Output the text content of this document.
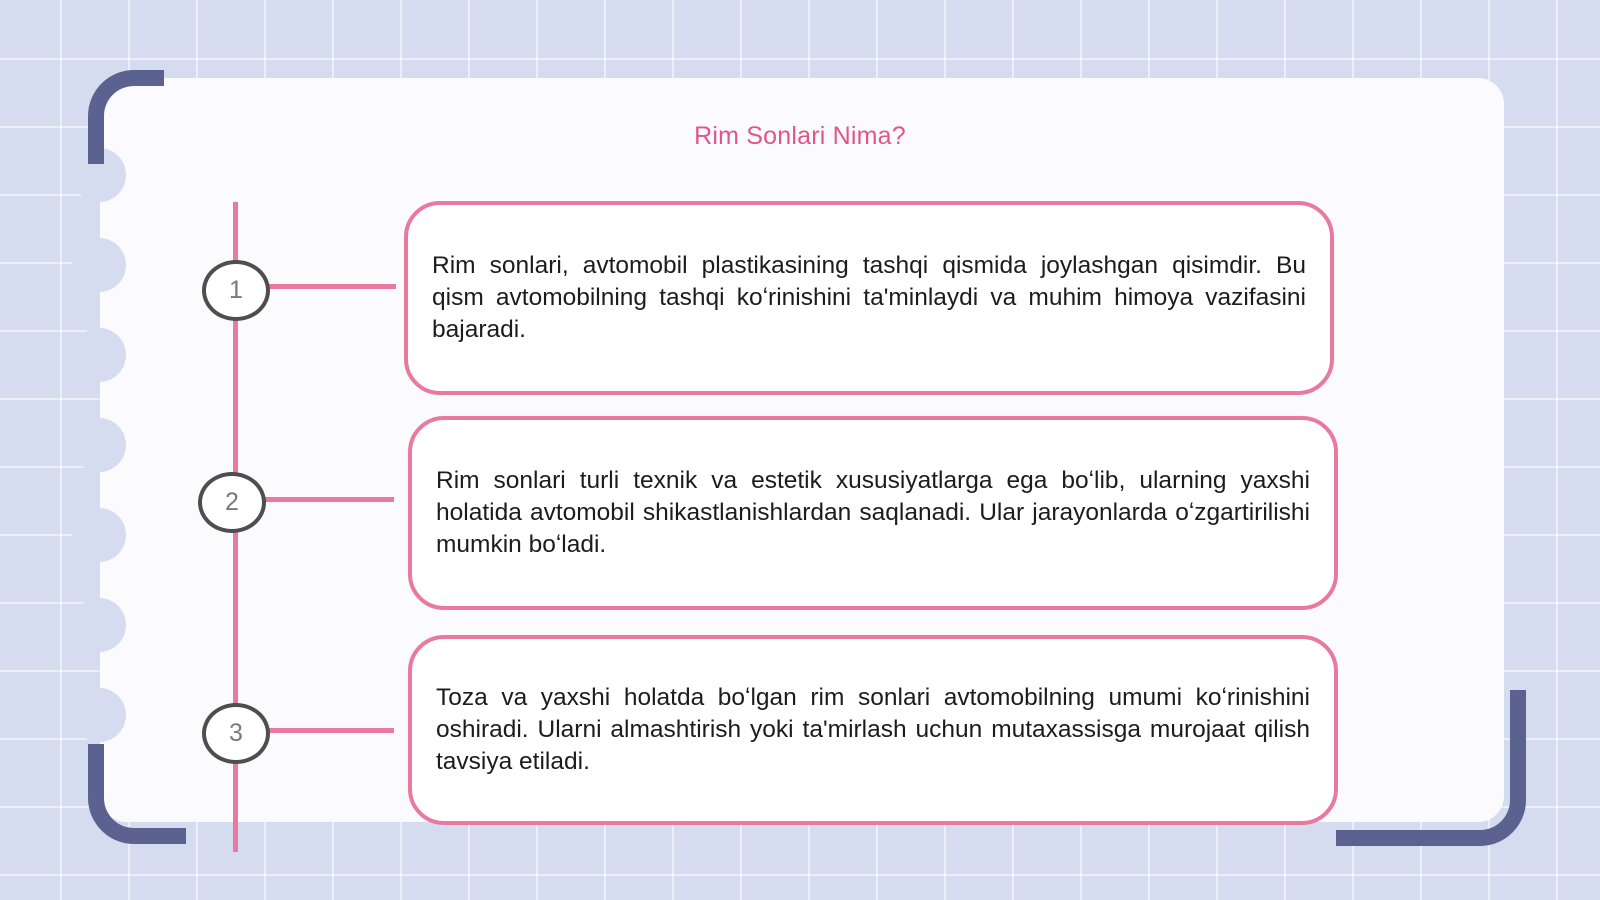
Rim Sonlari Nima?
1
Rim sonlari, avtomobil plastikasining tashqi qismida joylashgan qisimdir. Bu qism avtomobilning tashqi koʻrinishini ta'minlaydi va muhim himoya vazifasini bajaradi.
2
Rim sonlari turli texnik va estetik xususiyatlarga ega boʻlib, ularning yaxshi holatida avtomobil shikastlanishlardan saqlanadi. Ular jarayonlarda oʻzgartirilishi mumkin boʻladi.
3
Toza va yaxshi holatda boʻlgan rim sonlari avtomobilning umumi koʻrinishini oshiradi. Ularni almashtirish yoki ta'mirlash uchun mutaxassisga murojaat qilish tavsiya etiladi.
